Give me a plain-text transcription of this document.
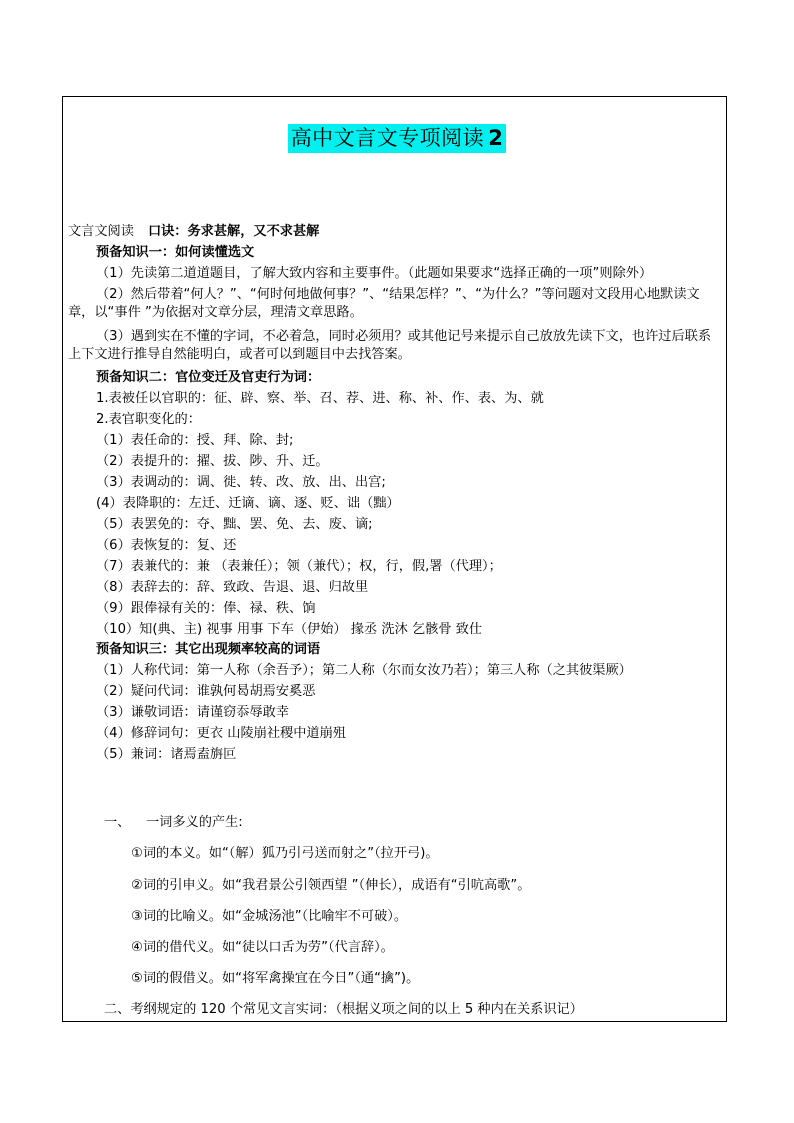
高中文言文专项阅读 2
文言文阅读 口诀：务求甚解，又不求甚解
预备知识一：如何读懂选文
（1）先读第二道道题目，了解大致内容和主要事件。（此题如果要求“选择正确的一项”则除外）
（2）然后带着“何人？”、“何时何地做何事？”、“结果怎样？”、“为什么？”等问题对文段用心地默读文章，以“事件 ”为依据对文章分层，理清文章思路。
（3）遇到实在不懂的字词，不必着急，同时必须用？或其他记号来提示自己放放先读下文，也许过后联系上下文进行推导自然能明白，或者可以到题目中去找答案。
预备知识二：官位变迁及官吏行为词：
1.表被任以官职的：征、辟、察、举、召、荐、进、称、补、作、表、为、就
2.表官职变化的：
（1）表任命的：授、拜、除、封;
（2）表提升的：擢、拔、陟、升、迁。
（3）表调动的：调、徙、转、改、放、出、出宫;
(4）表降职的：左迁、迁谪、谪、逐、贬、诎（黜）
（5）表罢免的：夺、黜、罢、免、去、废、谪;
（6）表恢复的：复、还
（7）表兼代的：兼 （表兼任）；领（兼代）；权，行，假,署（代理）；
（8）表辞去的：辞、致政、告退、退、归故里
（9）跟俸禄有关的：俸、禄、秩、饷
（10）知(典、主) 视事 用事 下车（伊始） 掾丞 洗沐 乞骸骨 致仕
预备知识三：其它出现频率较高的词语
（1）人称代词：第一人称（余吾予）；第二人称（尔而女汝乃若）；第三人称（之其彼渠厥）
（2）疑问代词：谁孰何曷胡焉安奚恶
（3）谦敬词语：请谨窃忝辱敢幸
（4）修辞词句：更衣 山陵崩社稷中道崩殂
（5）兼词：诸焉盍旃叵
一、 一词多义的产生:
①词的本义。如“（解）狐乃引弓送而射之”（拉开弓)。
②词的引申义。如“我君景公引领西望 ”（伸长），成语有“引吭高歌”。
③词的比喻义。如“金城汤池”（比喻牢不可破）。
④词的借代义。如“徒以口舌为劳”（代言辞）。
⑤词的假借义。如“将军禽操宜在今日”（通“擒”)。
二、考纲规定的 120 个常见文言实词：（根据义项之间的以上 5 种内在关系识记）
